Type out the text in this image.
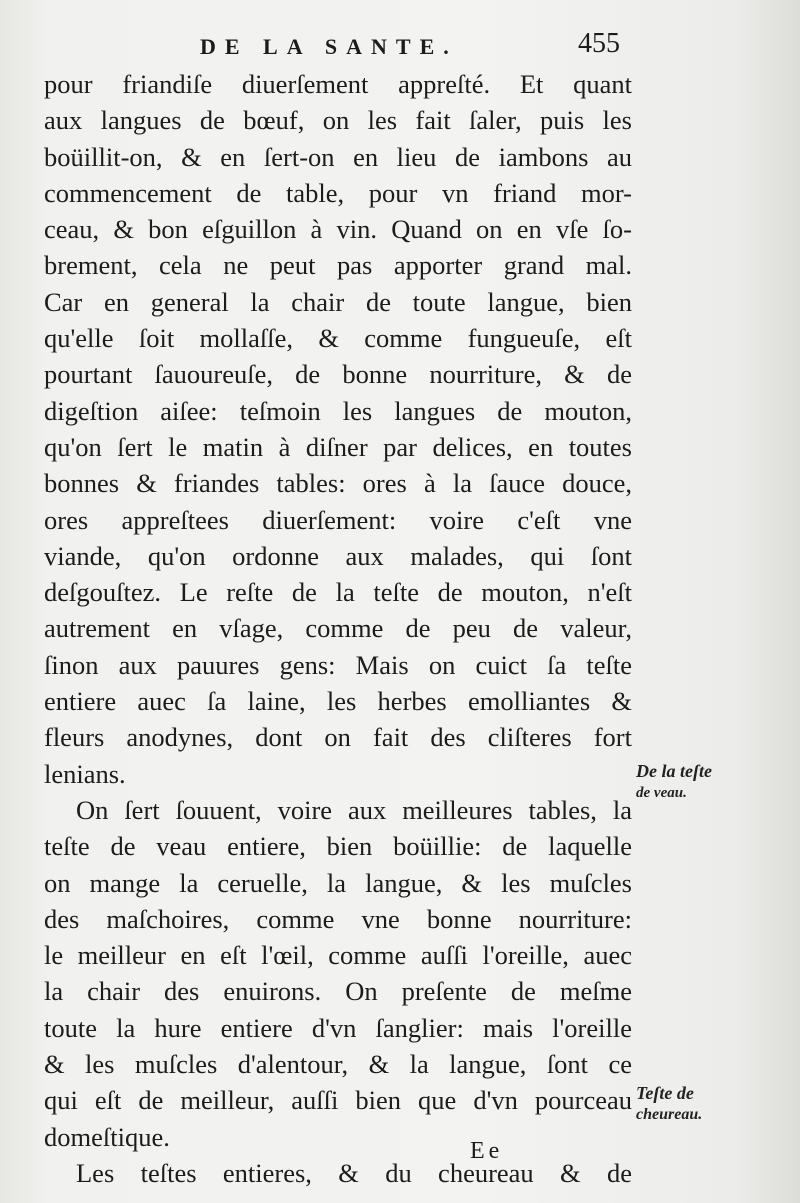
DE LA SANTE.	455
pour friandiſe diuerſement appreſté. Et quant
aux langues de bœuf, on les fait ſaler, puis les
boüillit-on, & en ſert-on en lieu de iambons au
commencement de table, pour vn friand mor-
ceau, & bon eſguillon à vin. Quand on en vſe ſo-
brement, cela ne peut pas apporter grand mal.
Car en general la chair de toute langue, bien
qu'elle ſoit mollaſſe, & comme fungueuſe, eſt
pourtant ſauoureuſe, de bonne nourriture, & de
digeſtion aiſee: teſmoin les langues de mouton,
qu'on ſert le matin à diſner par delices, en toutes
bonnes & friandes tables: ores à la ſauce douce,
ores appreſtees diuerſement: voire c'eſt vne
viande, qu'on ordonne aux malades, qui ſont
deſgouſtez. Le reſte de la teſte de mouton, n'eſt
autrement en vſage, comme de peu de valeur,
ſinon aux pauures gens: Mais on cuict ſa teſte
entiere auec ſa laine, les herbes emolliantes &
fleurs anodynes, dont on fait des cliſteres fort
lenians.
On ſert ſouuent, voire aux meilleures tables, la
teſte de veau entiere, bien boüillie: de laquelle
on mange la ceruelle, la langue, & les muſcles
des maſchoires, comme vne bonne nourriture:
le meilleur en eſt l'œil, comme auſſi l'oreille, auec
la chair des enuirons. On preſente de meſme
toute la hure entiere d'vn ſanglier: mais l'oreille
& les muſcles d'alentour, & la langue, ſont ce
qui eſt de meilleur, auſſi bien que d'vn pourceau
domeſtique.
Les teſtes entieres, & du cheureau & de
De la teſte
de veau.
Teſte de
cheureau.
Ee
